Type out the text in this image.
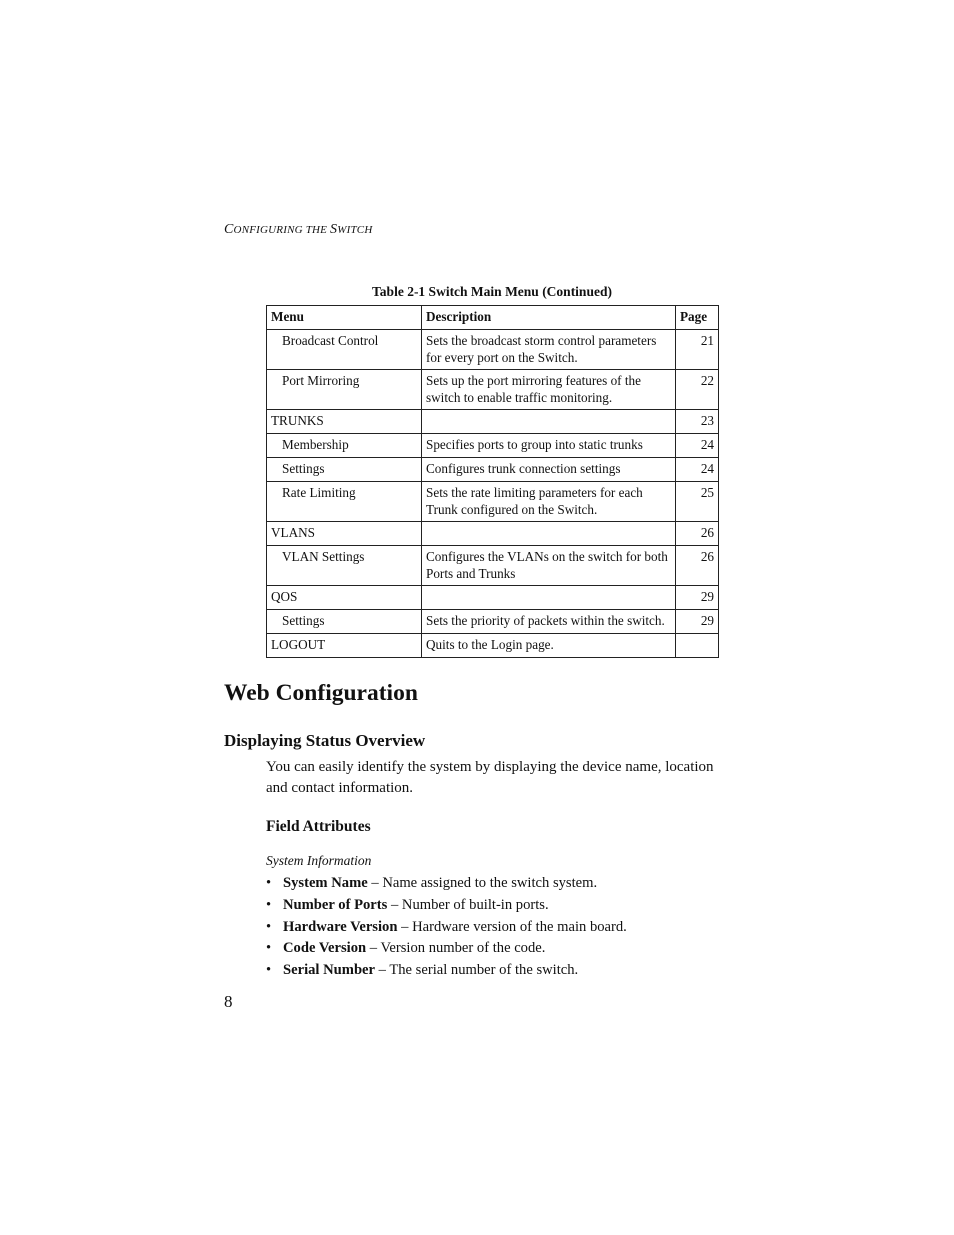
CONFIGURING THE SWITCH
Table 2-1 Switch Main Menu (Continued)
Menu	Description	Page
Broadcast Control	Sets the broadcast storm control parameters for every port on the Switch.	21
Port Mirroring	Sets up the port mirroring features of the switch to enable traffic monitoring.	22
TRUNKS		23
Membership	Specifies ports to group into static trunks	24
Settings	Configures trunk connection settings	24
Rate Limiting	Sets the rate limiting parameters for each Trunk configured on the Switch.	25
VLANS		26
VLAN Settings	Configures the VLANs on the switch for both Ports and Trunks	26
QOS		29
Settings	Sets the priority of packets within the switch.	29
LOGOUT	Quits to the Login page.	
Web Configuration
Displaying Status Overview

You can easily identify the system by displaying the device name, location and contact information.

Field Attributes
System Information
• System Name – Name assigned to the switch system.
• Number of Ports – Number of built-in ports.
• Hardware Version – Hardware version of the main board.
• Code Version – Version number of the code.
• Serial Number – The serial number of the switch.
8
